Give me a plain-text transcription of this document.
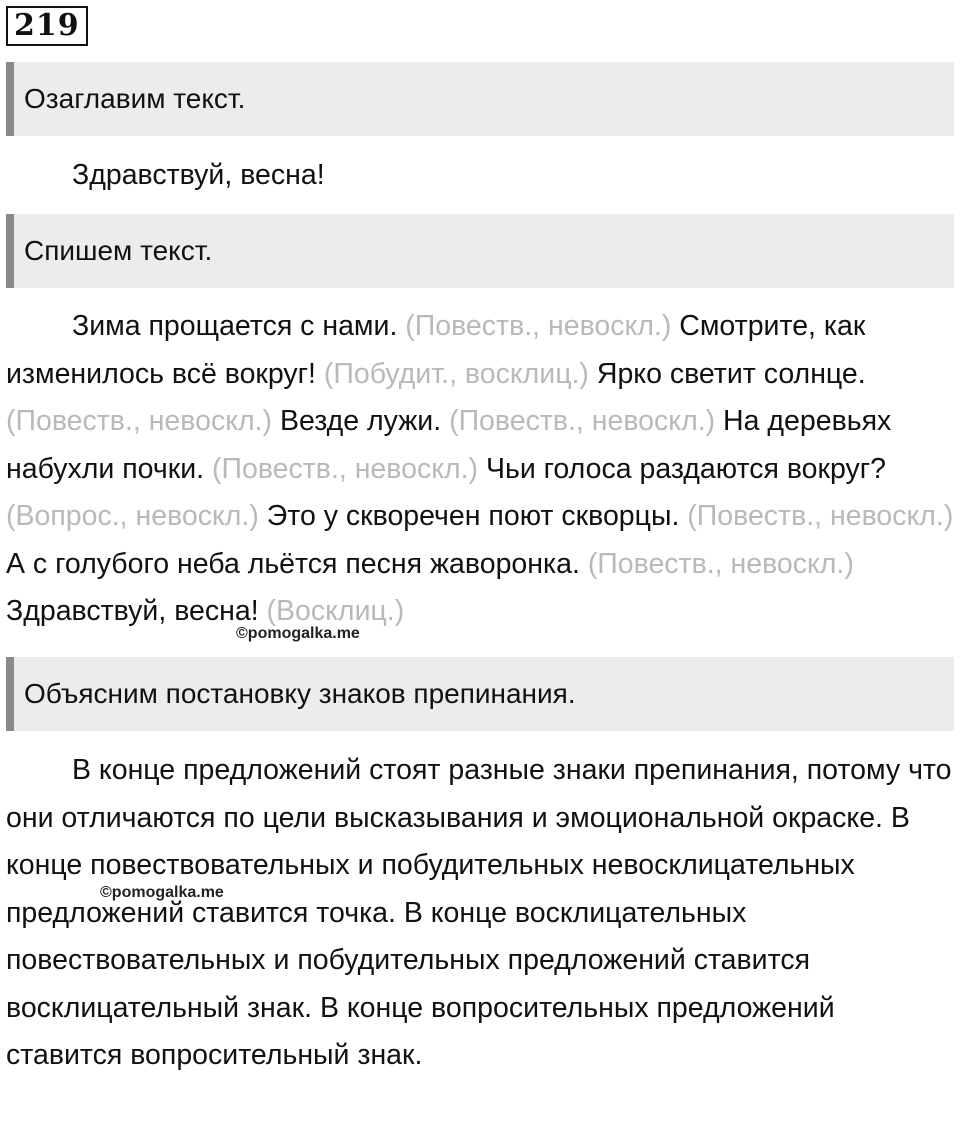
219
Озаглавим текст.

Здравствуй, весна!

Спишем текст.

Зима прощается с нами. (Повеств., невоскл.) Смотрите, как изменилось всё вокруг! (Побудит., восклиц.) Ярко светит солнце. (Повеств., невоскл.) Везде лужи. (Повеств., невоскл.) На деревьях набухли почки. (Повеств., невоскл.) Чьи голоса раздаются вокруг? (Вопрос., невоскл.) Это у скворечен поют скворцы. (Повеств., невоскл.) А с голубого неба льётся песня жаворонка. (Повеств., невоскл.) Здравствуй, весна! (Восклиц.)

©pomogalka.me
Объясним постановку знаков препинания.

В конце предложений стоят разные знаки препинания, потому что они отличаются по цели высказывания и эмоциональной окраске. В конце повествовательных и побудительных невосклицательных предложений ставится точка. В конце восклицательных повествовательных и побудительных предложений ставится восклицательный знак. В конце вопросительных предложений ставится вопросительный знак.

©pomogalka.me
